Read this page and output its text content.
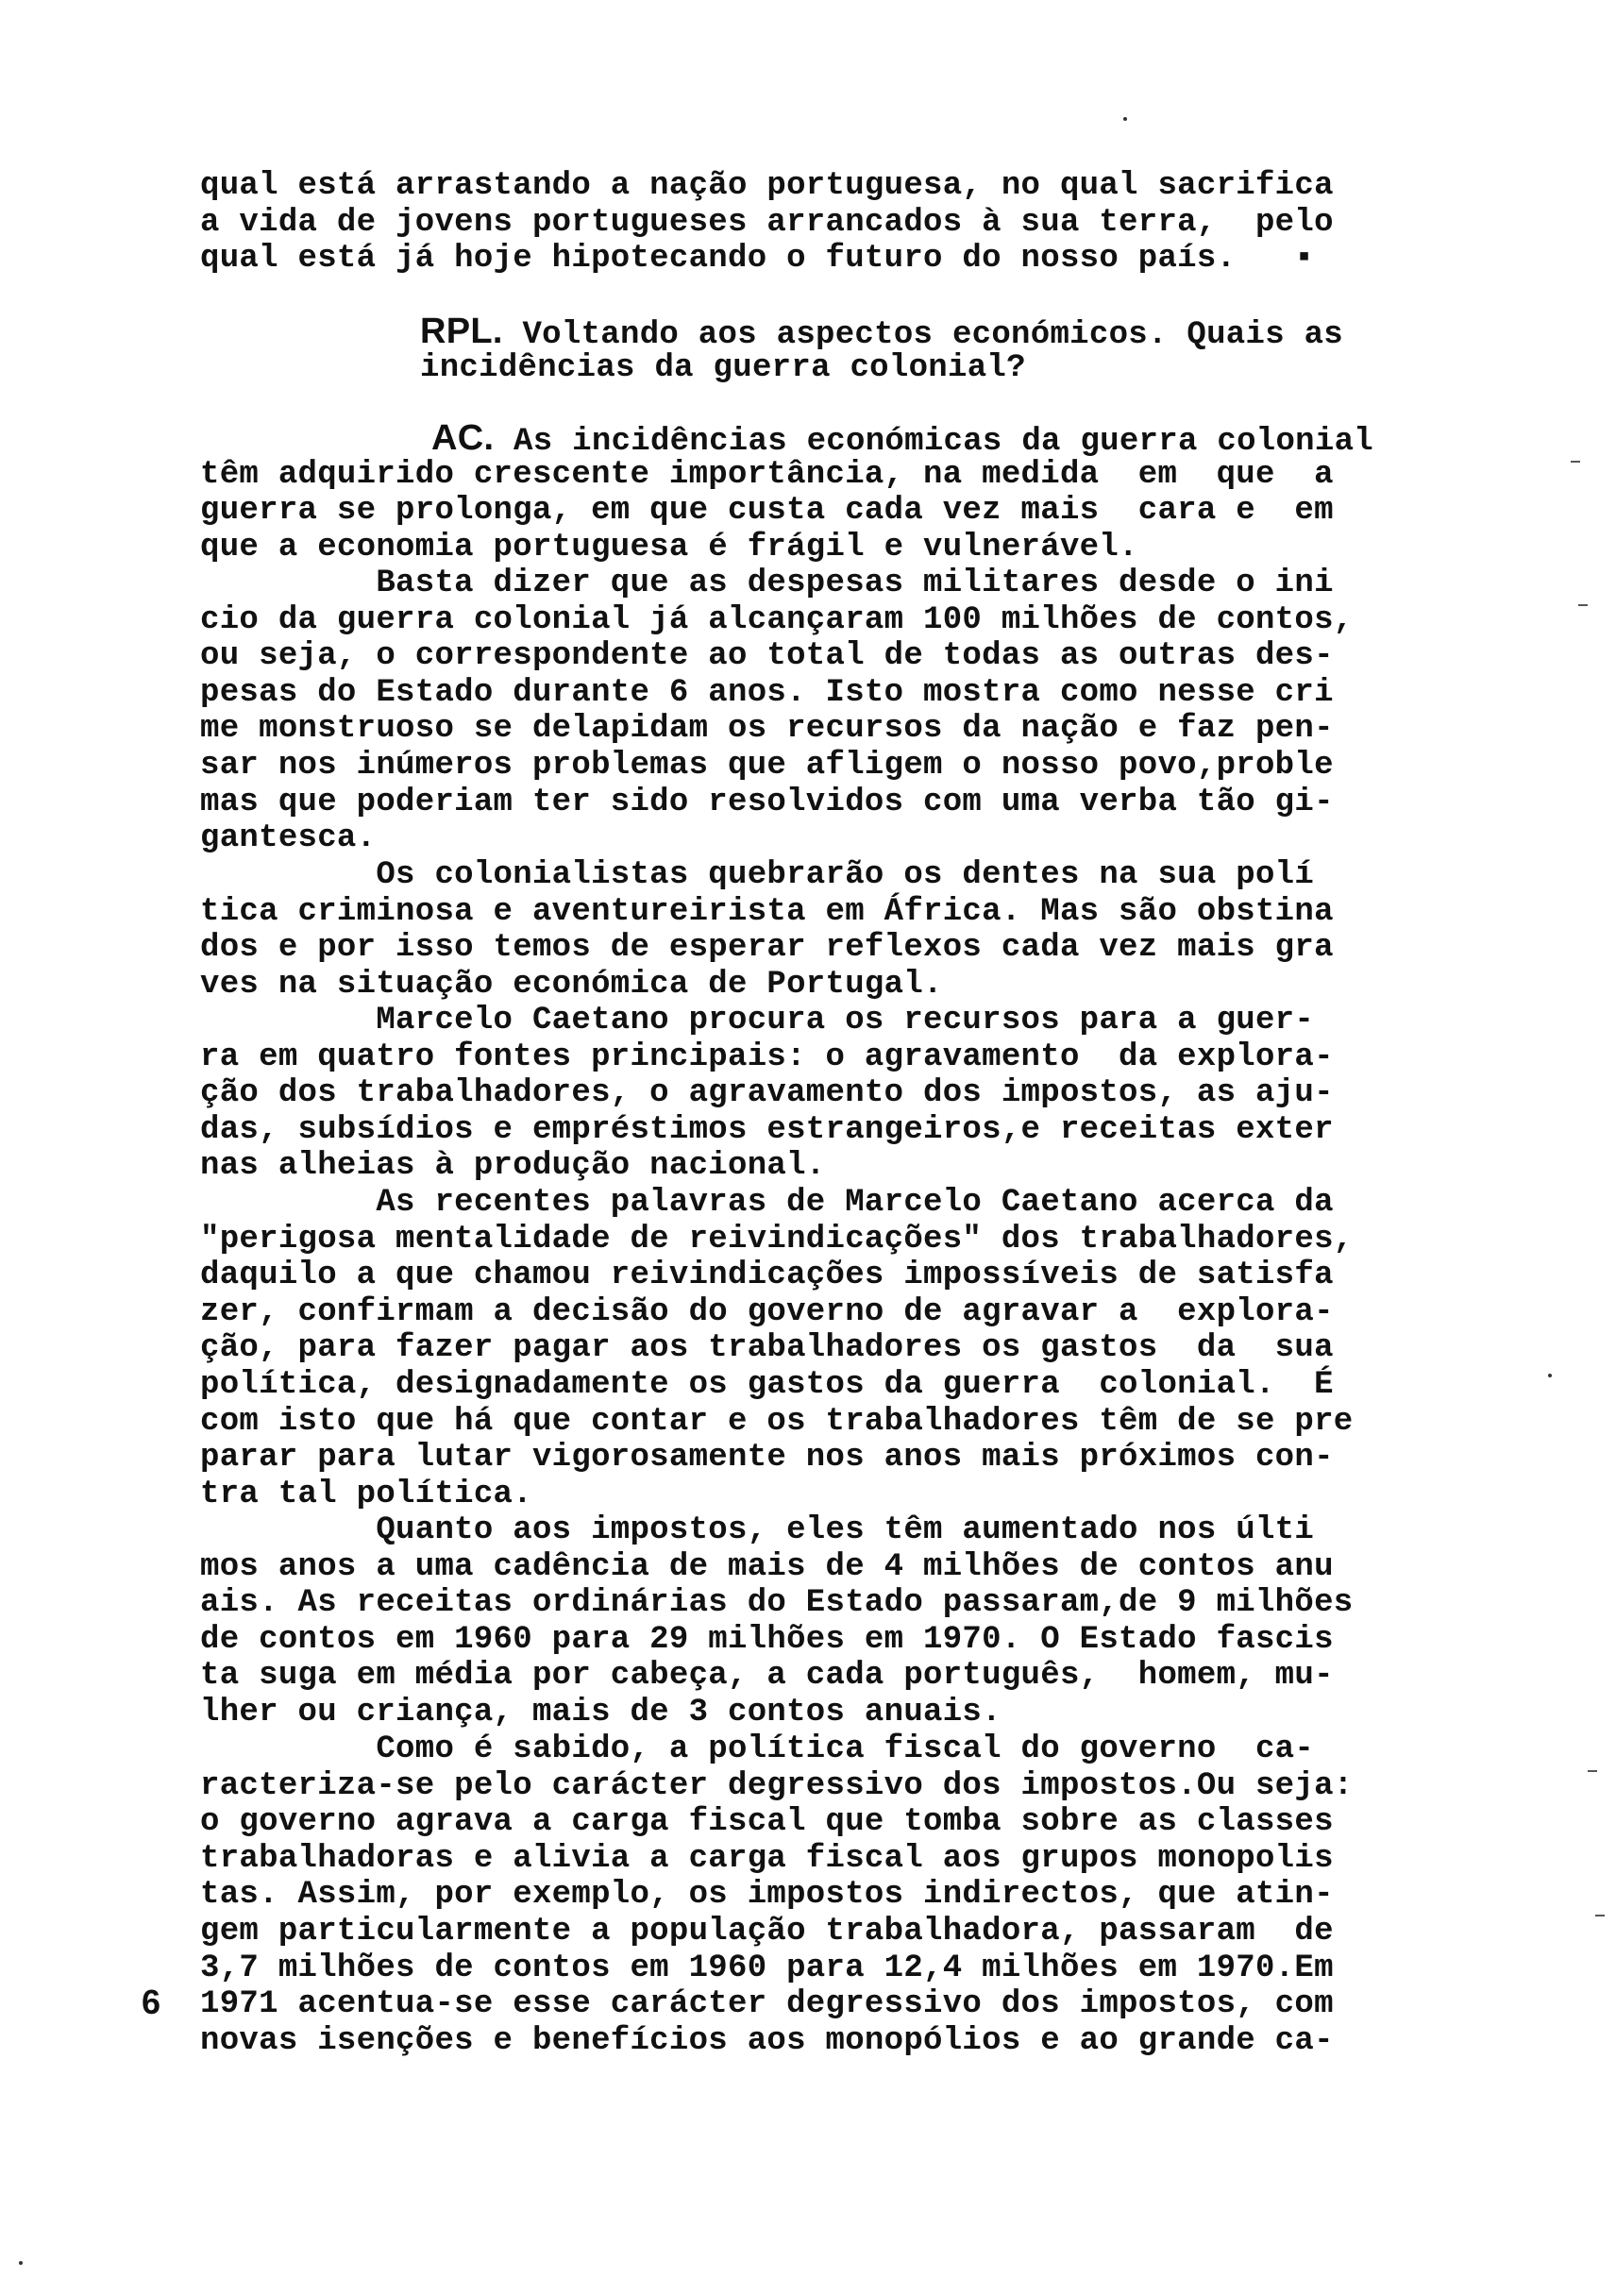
qual está arrastando a nação portuguesa, no qual sacrifica
a vida de jovens portugueses arrancados à sua terra,  pelo
qual está já hoje hipotecando o futuro do nosso país.   ▪
RPL. Voltando aos aspectos económicos. Quais as
incidências da guerra colonial?
AC. As incidências económicas da guerra colonial
têm adquirido crescente importância, na medida  em  que  a
guerra se prolonga, em que custa cada vez mais  cara e  em
que a economia portuguesa é frágil e vulnerável.
Basta dizer que as despesas militares desde o ini
cio da guerra colonial já alcançaram 100 milhões de contos,
ou seja, o correspondente ao total de todas as outras des-
pesas do Estado durante 6 anos. Isto mostra como nesse cri
me monstruoso se delapidam os recursos da nação e faz pen-
sar nos inúmeros problemas que afligem o nosso povo,proble
mas que poderiam ter sido resolvidos com uma verba tão gi-
gantesca.
Os colonialistas quebrarão os dentes na sua polí
tica criminosa e aventureirista em África. Mas são obstina
dos e por isso temos de esperar reflexos cada vez mais gra
ves na situação económica de Portugal.
Marcelo Caetano procura os recursos para a guer-
ra em quatro fontes principais: o agravamento  da explora-
ção dos trabalhadores, o agravamento dos impostos, as aju-
das, subsídios e empréstimos estrangeiros,e receitas exter
nas alheias à produção nacional.
As recentes palavras de Marcelo Caetano acerca da
"perigosa mentalidade de reivindicações" dos trabalhadores,
daquilo a que chamou reivindicações impossíveis de satisfa
zer, confirmam a decisão do governo de agravar a  explora-
ção, para fazer pagar aos trabalhadores os gastos  da  sua
política, designadamente os gastos da guerra  colonial.  É
com isto que há que contar e os trabalhadores têm de se pre
parar para lutar vigorosamente nos anos mais próximos con-
tra tal política.
Quanto aos impostos, eles têm aumentado nos últi
mos anos a uma cadência de mais de 4 milhões de contos anu
ais. As receitas ordinárias do Estado passaram,de 9 milhões
de contos em 1960 para 29 milhões em 1970. O Estado fascis
ta suga em média por cabeça, a cada português,  homem, mu-
lher ou criança, mais de 3 contos anuais.
Como é sabido, a política fiscal do governo  ca-
racteriza-se pelo carácter degressivo dos impostos.Ou seja:
o governo agrava a carga fiscal que tomba sobre as classes
trabalhadoras e alivia a carga fiscal aos grupos monopolis
tas. Assim, por exemplo, os impostos indirectos, que atin-
gem particularmente a população trabalhadora, passaram  de
3,7 milhões de contos em 1960 para 12,4 milhões em 1970.Em
1971 acentua-se esse carácter degressivo dos impostos, com
novas isenções e benefícios aos monopólios e ao grande ca-
6
